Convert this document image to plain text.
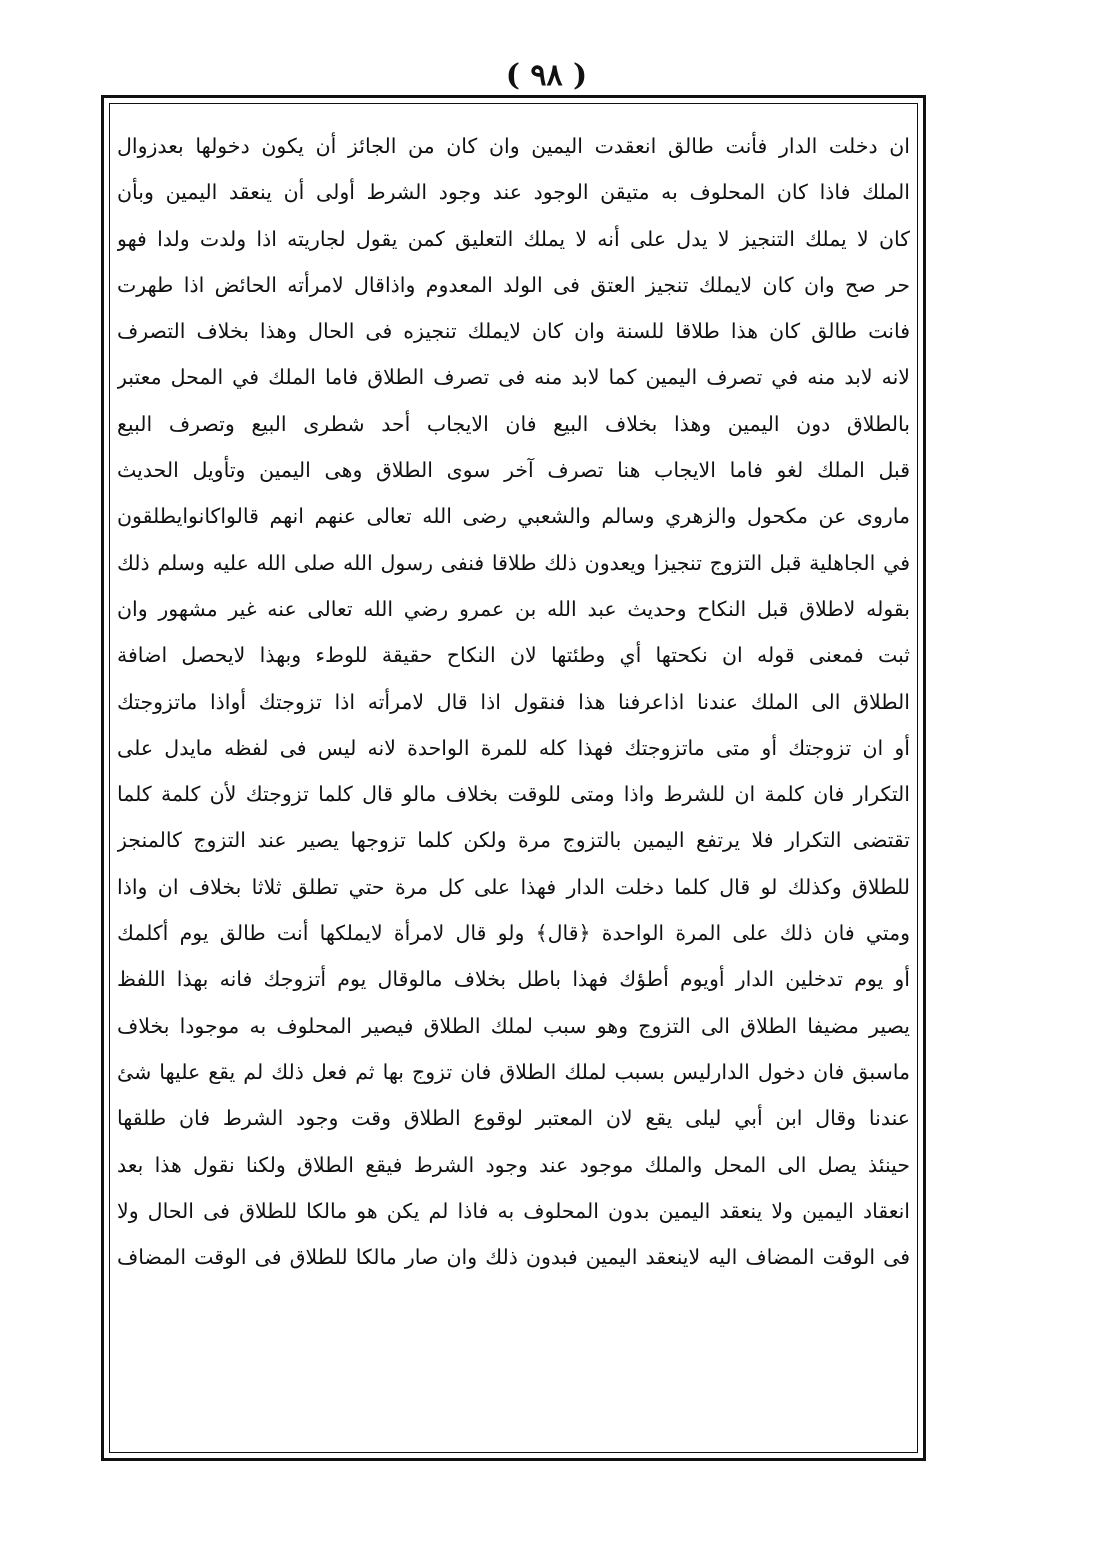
( ٩٨ )
ان دخلت الدار فأنت طالق انعقدت اليمين وان كان من الجائز أن يكون دخولها بعدزوال
الملك فاذا كان المحلوف به متيقن الوجود عند وجود الشرط أولى أن ينعقد اليمين وبأن
كان لا يملك التنجيز لا يدل على أنه لا يملك التعليق كمن يقول لجاريته اذا ولدت ولدا فهو
حر صح وان كان لايملك تنجيز العتق فى الولد المعدوم واذاقال لامرأته الحائض اذا طهرت
فانت طالق كان هذا طلاقا للسنة وان كان لايملك تنجيزه فى الحال وهذا بخلاف التصرف
لانه لابد منه في تصرف اليمين كما لابد منه فى تصرف الطلاق فاما الملك في المحل معتبر
بالطلاق دون اليمين وهذا بخلاف البيع فان الايجاب أحد شطرى البيع وتصرف البيع
قبل الملك لغو فاما الايجاب هنا تصرف آخر سوى الطلاق وهى اليمين وتأويل الحديث
ماروى عن مكحول والزهري وسالم والشعبي رضى الله تعالى عنهم انهم قالواكانوايطلقون
في الجاهلية قبل التزوج تنجيزا ويعدون ذلك طلاقا فنفى رسول الله صلى الله عليه وسلم ذلك
بقوله لاطلاق قبل النكاح وحديث عبد الله بن عمرو رضي الله تعالى عنه غير مشهور وان
ثبت فمعنى قوله ان نكحتها أي وطئتها لان النكاح حقيقة للوطء وبهذا لايحصل اضافة
الطلاق الى الملك عندنا اذاعرفنا هذا فنقول اذا قال لامرأته اذا تزوجتك أواذا ماتزوجتك
أو ان تزوجتك أو متى ماتزوجتك فهذا كله للمرة الواحدة لانه ليس فى لفظه مايدل على
التكرار فان كلمة ان للشرط واذا ومتى للوقت بخلاف مالو قال كلما تزوجتك لأن كلمة كلما
تقتضى التكرار فلا يرتفع اليمين بالتزوج مرة ولكن كلما تزوجها يصير عند التزوج كالمنجز
للطلاق وكذلك لو قال كلما دخلت الدار فهذا على كل مرة حتي تطلق ثلاثا بخلاف ان واذا
ومتي فان ذلك على المرة الواحدة ﴿قال﴾ ولو قال لامرأة لايملكها أنت طالق يوم أكلمك
أو يوم تدخلين الدار أويوم أطؤك فهذا باطل بخلاف مالوقال يوم أتزوجك فانه بهذا اللفظ
يصير مضيفا الطلاق الى التزوج وهو سبب لملك الطلاق فيصير المحلوف به موجودا بخلاف
ماسبق فان دخول الدارليس بسبب لملك الطلاق فان تزوج بها ثم فعل ذلك لم يقع عليها شئ
عندنا وقال ابن أبي ليلى يقع لان المعتبر لوقوع الطلاق وقت وجود الشرط فان طلقها
حينئذ يصل الى المحل والملك موجود عند وجود الشرط فيقع الطلاق ولكنا نقول هذا بعد
انعقاد اليمين ولا ينعقد اليمين بدون المحلوف به فاذا لم يكن هو مالكا للطلاق فى الحال ولا
فى الوقت المضاف اليه لاينعقد اليمين فبدون ذلك وان صار مالكا للطلاق فى الوقت المضاف
